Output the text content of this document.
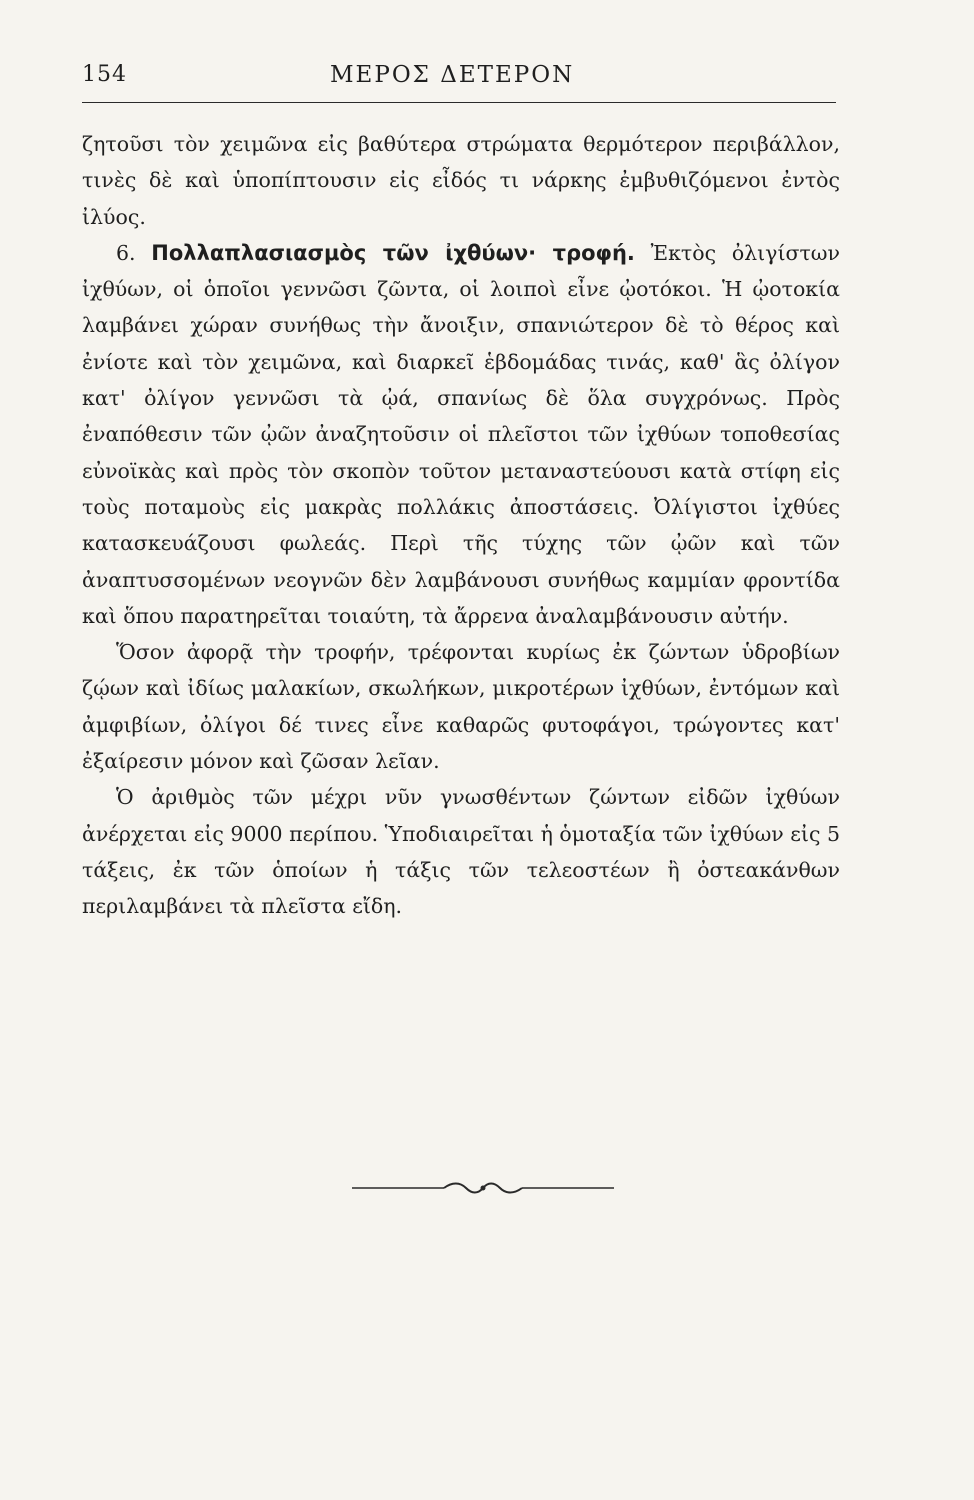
154	ΜΕΡΟΣ ΔΕΤΕΡΟΝ

ζητοῦσι τὸν χειμῶνα εἰς βαθύτερα στρώματα θερμότερον περιβάλλον, τινὲς δὲ καὶ ὑποπίπτουσιν εἰς εἶδός τι νάρκης ἐμβυθιζόμενοι ἐντὸς ἰλύος.

6. Πολλαπλασιασμὸς τῶν ἰχθύων· τροφή. Ἐκτὸς ὀλιγίστων ἰχθύων, οἱ ὁποῖοι γεννῶσι ζῶντα, οἱ λοιποὶ εἶνε ᾠοτόκοι. Ἡ ᾠοτοκία λαμβάνει χώραν συνήθως τὴν ἄνοιξιν, σπανιώτερον δὲ τὸ θέρος καὶ ἐνίοτε καὶ τὸν χειμῶνα, καὶ διαρκεῖ ἑβδομάδας τινάς, καθ' ἃς ὀλίγον κατ' ὀλίγον γεννῶσι τὰ ᾠά, σπανίως δὲ ὅλα συγχρόνως. Πρὸς ἐναπόθεσιν τῶν ᾠῶν ἀναζητοῦσιν οἱ πλεῖστοι τῶν ἰχθύων τοποθεσίας εὐνοϊκὰς καὶ πρὸς τὸν σκοπὸν τοῦτον μεταναστεύουσι κατὰ στίφη εἰς τοὺς ποταμοὺς εἰς μακρὰς πολλάκις ἀποστάσεις. Ὀλίγιστοι ἰχθύες κατασκευάζουσι φωλεάς. Περὶ τῆς τύχης τῶν ᾠῶν καὶ τῶν ἀναπτυσσομένων νεογνῶν δὲν λαμβάνουσι συνήθως καμμίαν φροντίδα καὶ ὅπου παρατηρεῖται τοιαύτη, τὰ ἄρρενα ἀναλαμβάνουσιν αὐτήν.

Ὅσον ἀφορᾷ τὴν τροφήν, τρέφονται κυρίως ἐκ ζώντων ὑδροβίων ζῴων καὶ ἰδίως μαλακίων, σκωλήκων, μικροτέρων ἰχθύων, ἐντόμων καὶ ἀμφιβίων, ὀλίγοι δέ τινες εἶνε καθαρῶς φυτοφάγοι, τρώγοντες κατ' ἐξαίρεσιν μόνον καὶ ζῶσαν λεῖαν.

Ὁ ἀριθμὸς τῶν μέχρι νῦν γνωσθέντων ζώντων εἰδῶν ἰχθύων ἀνέρχεται εἰς 9000 περίπου. Ὑποδιαιρεῖται ἡ ὁμοταξία τῶν ἰχθύων εἰς 5 τάξεις, ἐκ τῶν ὁποίων ἡ τάξις τῶν τελεοστέων ἢ ὀστεακάνθων περιλαμβάνει τὰ πλεῖστα εἴδη.
